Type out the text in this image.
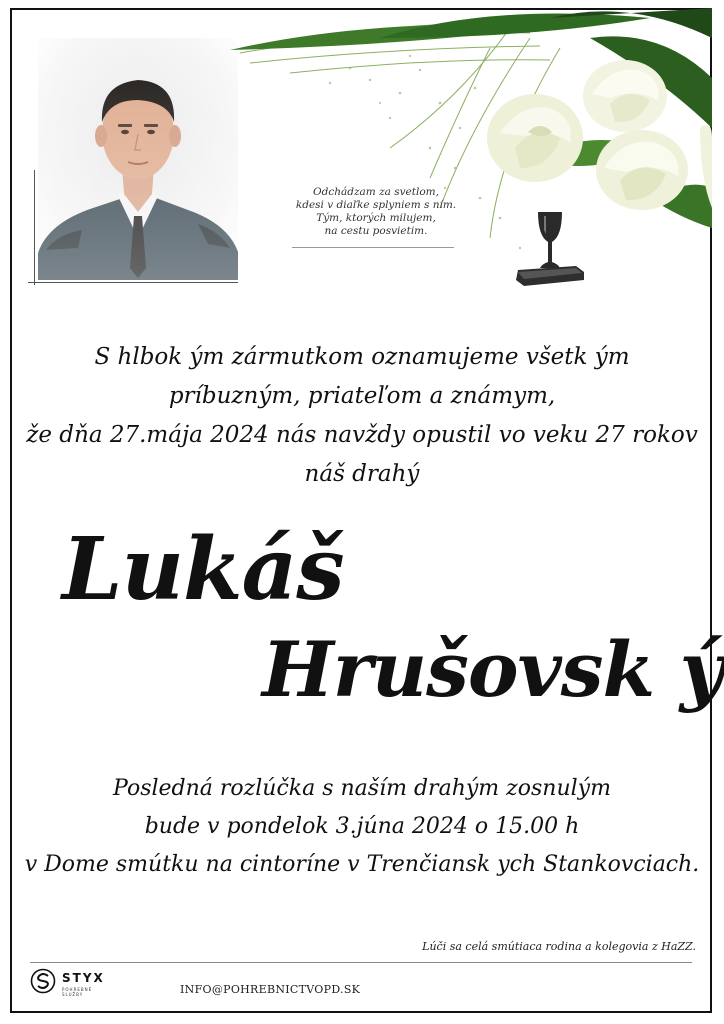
Odchádzam za svetlom,
kdesi v diaľke splyniem s ním.
Tým, ktorých milujem,
na cestu posvietim.

S hlbok ým zármutkom oznamujeme všetk ým

príbuzným, priateľom a známym,

že dňa 27.mája 2024 nás navždy opustil vo veku 27 rokov

náš drahý

Lukáš
Hrušovsk ý

Posledná rozlúčka s naším drahým zosnulým

bude v pondelok 3.júna 2024 o 15.00 h

v Dome smútku na cintoríne v Trenčiansk ych Stankovciach.

Lúči sa celá smútiaca rodina a kolegovia z HaZZ.
STYX
POHREBNÉ SLUŽBY	INFO@POHREBNICTVOPD.SK
